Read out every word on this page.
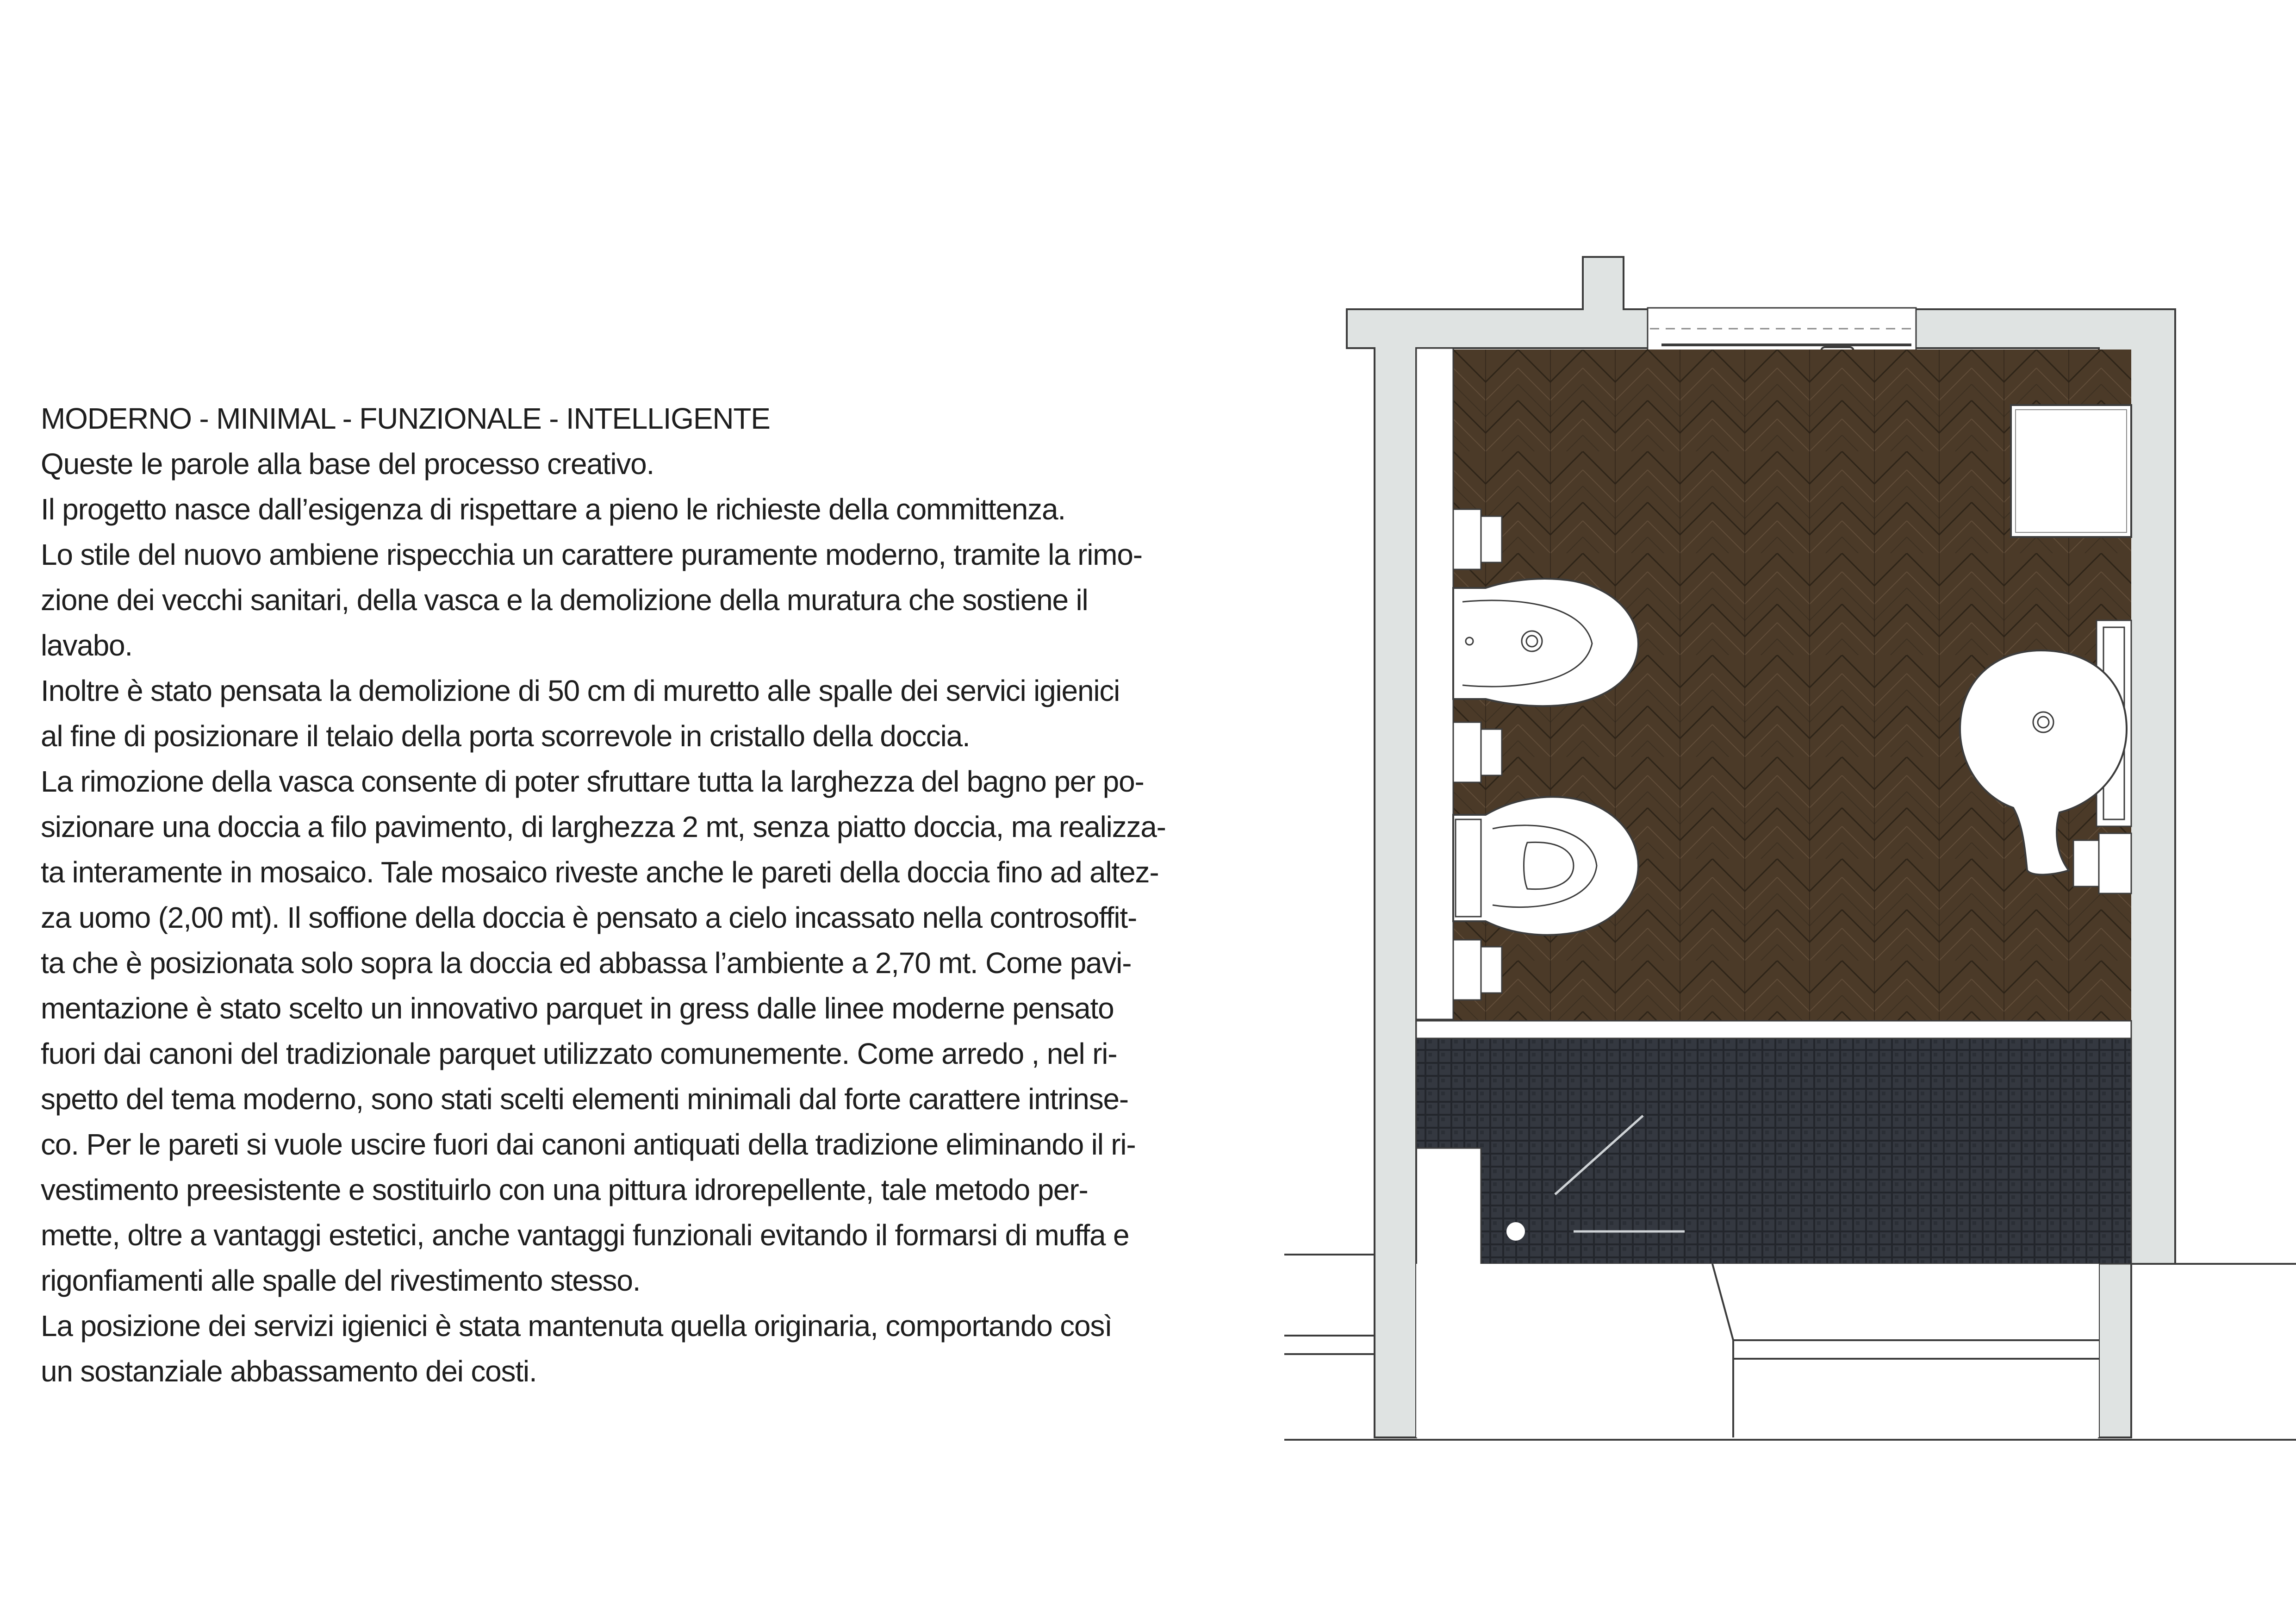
MODERNO - MINIMAL - FUNZIONALE - INTELLIGENTE
Queste le parole alla base del processo creativo.
Il progetto nasce dall’esigenza di rispettare a pieno le richieste della committenza.
Lo stile del nuovo ambiene rispecchia un carattere puramente moderno, tramite la rimo-
zione dei vecchi sanitari, della vasca e la demolizione della muratura che sostiene il
lavabo.
Inoltre è stato pensata la demolizione di 50 cm di muretto alle spalle dei servici igienici
al fine di posizionare il telaio della porta scorrevole in cristallo della doccia.
La rimozione della vasca consente di poter sfruttare tutta la larghezza del bagno per po-
sizionare una doccia a filo pavimento, di larghezza 2 mt, senza piatto doccia, ma realizza-
ta interamente in mosaico. Tale mosaico riveste anche le pareti della doccia fino ad altez-
za uomo (2,00 mt). Il soffione della doccia è pensato a cielo incassato nella controsoffit-
ta che è posizionata solo sopra la doccia ed abbassa l’ambiente a 2,70 mt. Come pavi-
mentazione è stato scelto un innovativo parquet in gress dalle linee moderne pensato
fuori dai canoni del tradizionale parquet utilizzato comunemente. Come arredo , nel ri-
spetto del tema moderno, sono stati scelti elementi minimali dal forte carattere intrinse-
co. Per le pareti si vuole uscire fuori dai canoni antiquati della tradizione eliminando il ri-
vestimento preesistente e sostituirlo con una pittura idrorepellente, tale metodo per-
mette, oltre a vantaggi estetici, anche vantaggi funzionali evitando il formarsi di muffa e
rigonfiamenti alle spalle del rivestimento stesso.
La posizione dei servizi igienici è stata mantenuta quella originaria, comportando così
un sostanziale abbassamento dei costi.
